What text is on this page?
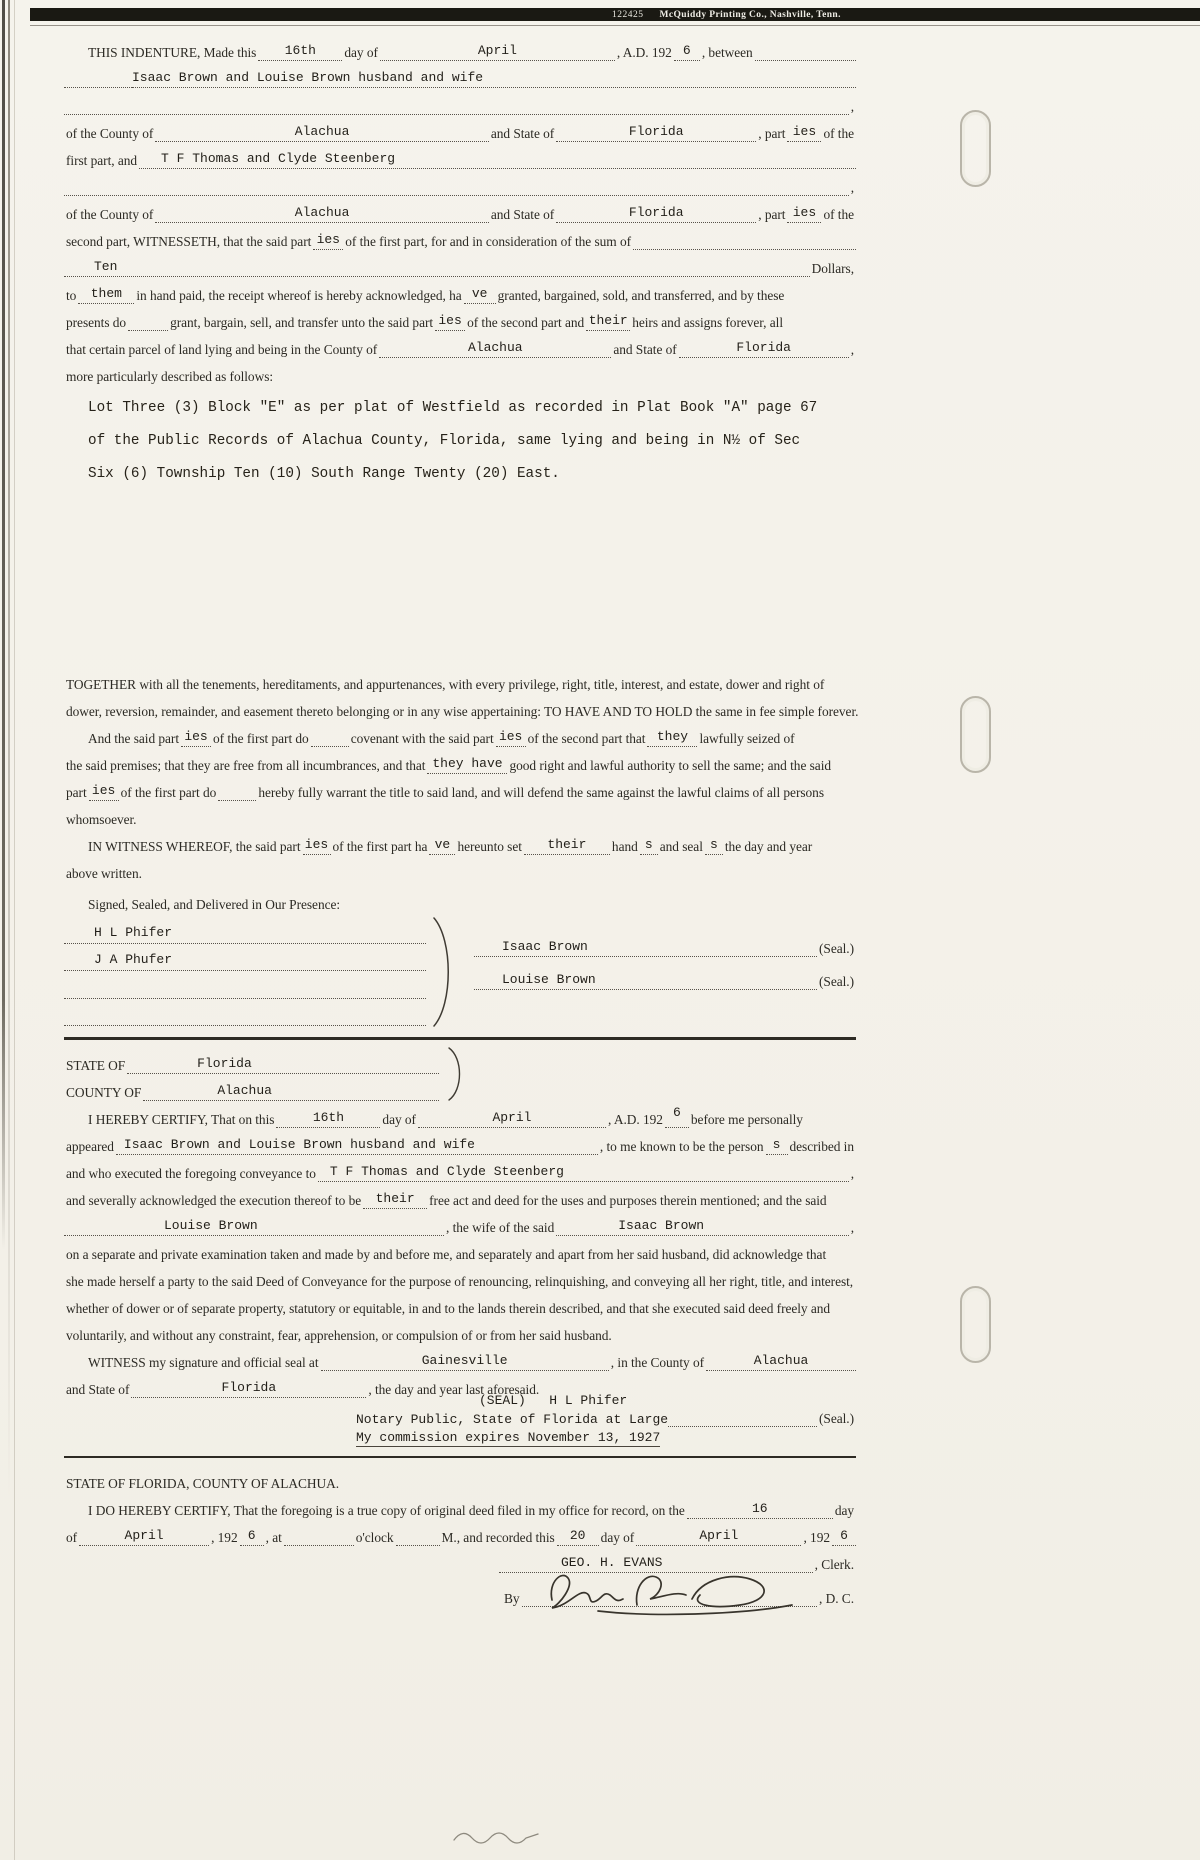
122425 McQuiddy Printing Co., Nashville, Tenn.
THIS INDENTURE, Made this 16th day of	April	, A.D. 192 6 , between
Isaac Brown and Louise Brown husband and wife
,
of the County of	Alachua	and State of	Florida	, part ies of the
first part, and T F Thomas and Clyde Steenberg
,
of the County of	Alachua	and State of	Florida	, part ies of the
second part, WITNESSETH, that the said part ies of the first part, for and in consideration of the sum of
Ten	Dollars,
to them in hand paid, the receipt whereof is hereby acknowledged, ha ve granted, bargained, sold, and transferred, and by these
presents do	grant, bargain, sell, and transfer unto the said part ies of the second part and their heirs and assigns forever, all
that certain parcel of land lying and being in the County of	Alachua	and State of	Florida	,
more particularly described as follows:
Lot Three (3) Block "E" as per plat of Westfield as recorded in Plat Book "A" page 67
of the Public Records of Alachua County, Florida, same lying and being in N½ of Sec
Six (6) Township Ten (10) South Range Twenty (20) East.
TOGETHER with all the tenements, hereditaments, and appurtenances, with every privilege, right, title, interest, and estate, dower and right of
dower, reversion, remainder, and easement thereto belonging or in any wise appertaining: TO HAVE AND TO HOLD the same in fee simple forever.
And the said part ies of the first part do	covenant with the said part ies of the second part that they lawfully seized of
the said premises; that they are free from all incumbrances, and that they have good right and lawful authority to sell the same; and the said
part ies of the first part do	hereby fully warrant the title to said land, and will defend the same against the lawful claims of all persons
whomsoever.
IN WITNESS WHEREOF, the said part ies of the first part ha ve hereunto set their hand s and seal s the day and year
above written.
Signed, Sealed, and Delivered in Our Presence:
H L Phifer
J A Phufer
Isaac Brown	(Seal.)
Louise Brown	(Seal.)
STATE OF	Florida
COUNTY OF	Alachua
I HEREBY CERTIFY, That on this	16th	day of	April	, A.D. 192 6 before me personally
appeared Isaac Brown and Louise Brown husband and wife	, to me known to be the person s described in
and who executed the foregoing conveyance to T F Thomas and Clyde Steenberg	,
and severally acknowledged the execution thereof to be their free act and deed for the uses and purposes therein mentioned; and the said
Louise Brown	, the wife of the said	Isaac Brown	,
on a separate and private examination taken and made by and before me, and separately and apart from her said husband, did acknowledge that
she made herself a party to the said Deed of Conveyance for the purpose of renouncing, relinquishing, and conveying all her right, title, and interest,
whether of dower or of separate property, statutory or equitable, in and to the lands therein described, and that she executed said deed freely and
voluntarily, and without any constraint, fear, apprehension, or compulsion of or from her said husband.
WITNESS my signature and official seal at	Gainesville	, in the County of	Alachua
and State of	Florida	, the day and year last aforesaid.
(SEAL)   H L Phifer
Notary Public, State of Florida at Large	(Seal.)
My commission expires November 13, 1927
STATE OF FLORIDA, COUNTY OF ALACHUA.
I DO HEREBY CERTIFY, That the foregoing is a true copy of original deed filed in my office for record, on the	16	day
of	April	, 192 6 , at	o'clock	M., and recorded this 20 day of	April	, 192 6
GEO. H. EVANS	, Clerk.
By	, D. C.
